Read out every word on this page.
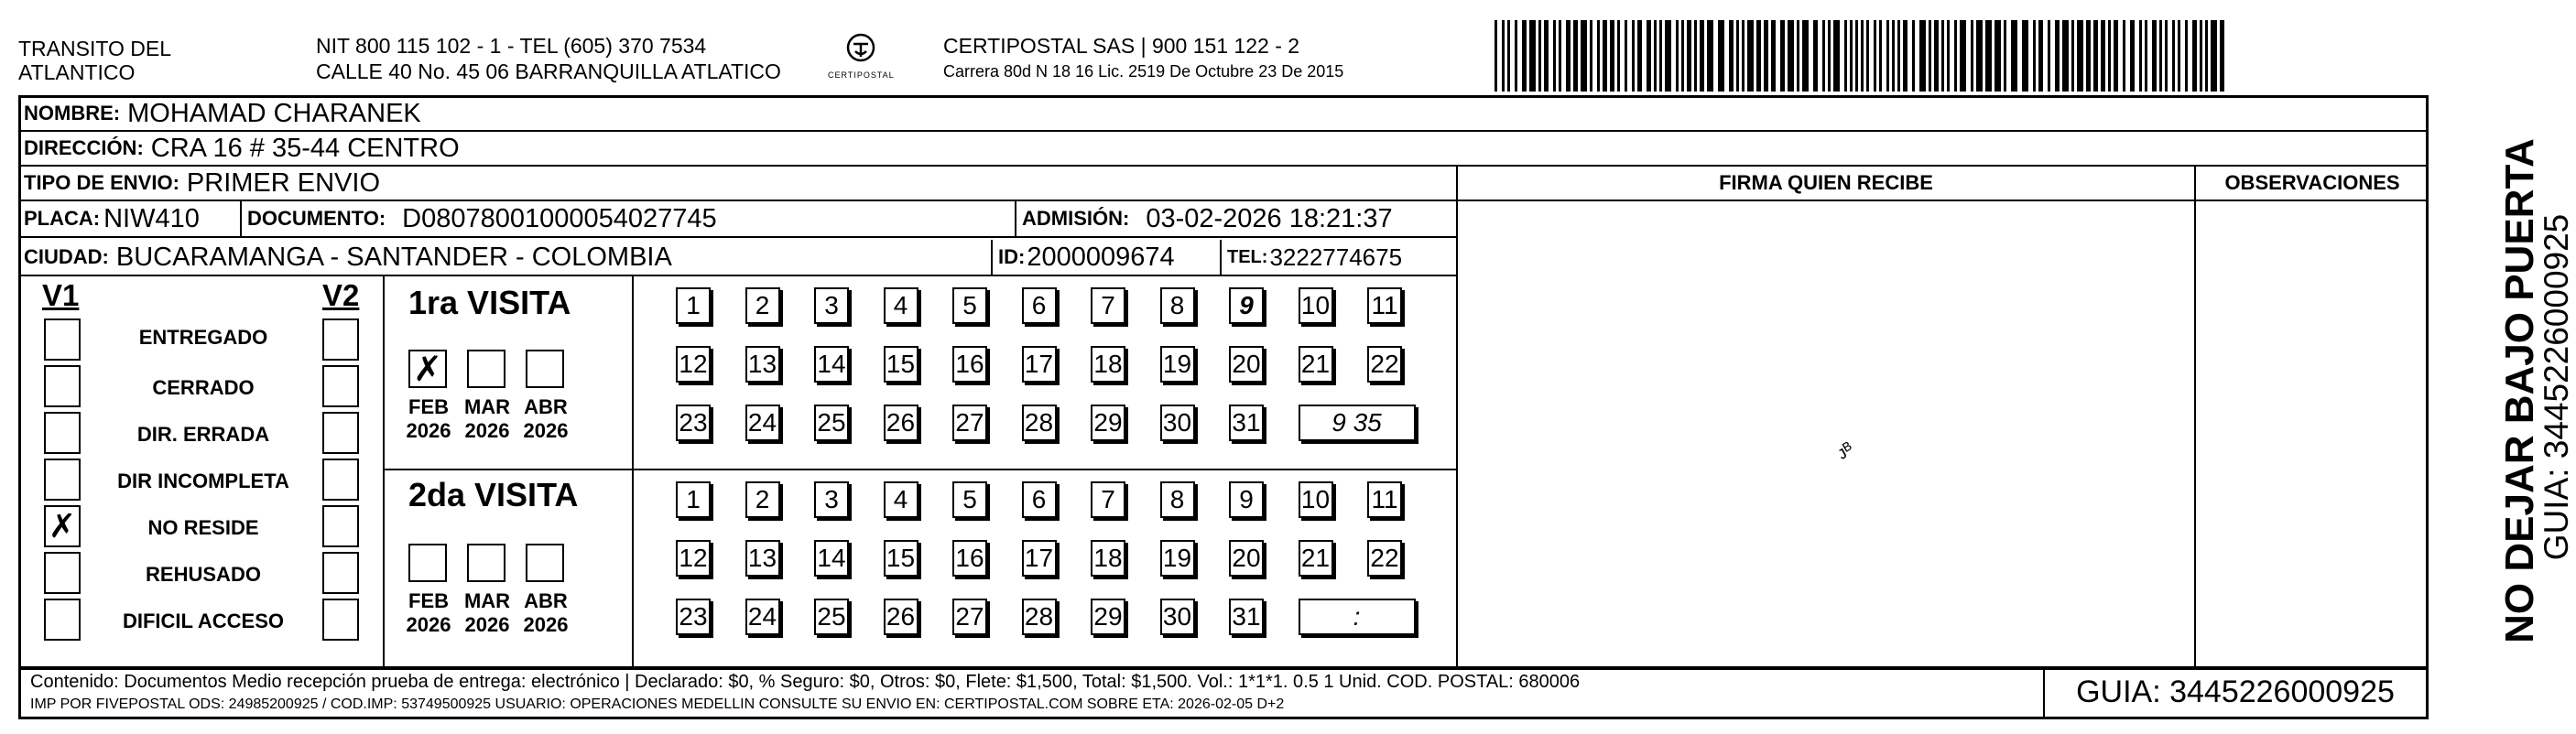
TRANSITO DEL
ATLANTICO
NIT 800 115 102 - 1 - TEL (605) 370 7534
CALLE 40 No. 45 06 BARRANQUILLA ATLATICO	CERTIPOSTAL
CERTIPOSTAL SAS | 900 151 122 - 2
Carrera 80d N 18 16 Lic. 2519 De Octubre 23 De 2015
NOMBRE: MOHAMAD CHARANEK
DIRECCIÓN: CRA 16 # 35-44 CENTRO
TIPO DE ENVIO: PRIMER ENVIO
PLACA: NIW410 DOCUMENTO: D08078001000054027745	ADMISIÓN: 03-02-2026 18:21:37
CIUDAD: BUCARAMANGA - SANTANDER - COLOMBIA	ID: 2000009674	TEL: 3222774675
FIRMA QUIEN RECIBE
ᴊᴮ
OBSERVACIONES
V1	V2
ENTREGADO
CERRADO
DIR. ERRADA
DIR INCOMPLETA
✗	NO RESIDE
REHUSADO
DIFICIL ACCESO
1ra VISITA
✗
FEB
2026
MAR
2026
ABR
2026
1	2	3	4	5	6	7	8	9	10 11
12 13 14 15 16 17 18 19 20 21 22
23 24 25 26 27 28 29 30 31	9 35
2da VISITA
FEB
2026
MAR
2026
ABR
2026
1	2	3	4	5	6	7	8	9	10 11
12 13 14 15 16 17 18 19 20 21 22
23 24 25 26 27 28 29 30 31	:
Contenido: Documentos Medio recepción prueba de entrega: electrónico | Declarado: $0, % Seguro: $0, Otros: $0, Flete: $1,500, Total: $1,500. Vol.: 1*1*1. 0.5 1 Unid. COD. POSTAL: 680006
IMP POR FIVEPOSTAL ODS: 24985200925 / COD.IMP: 53749500925 USUARIO: OPERACIONES MEDELLIN CONSULTE SU ENVIO EN: CERTIPOSTAL.COM SOBRE ETA: 2026-02-05 D+2	GUIA: 3445226000925
NO DEJAR BAJO PUERTA
GUIA: 3445226000925
